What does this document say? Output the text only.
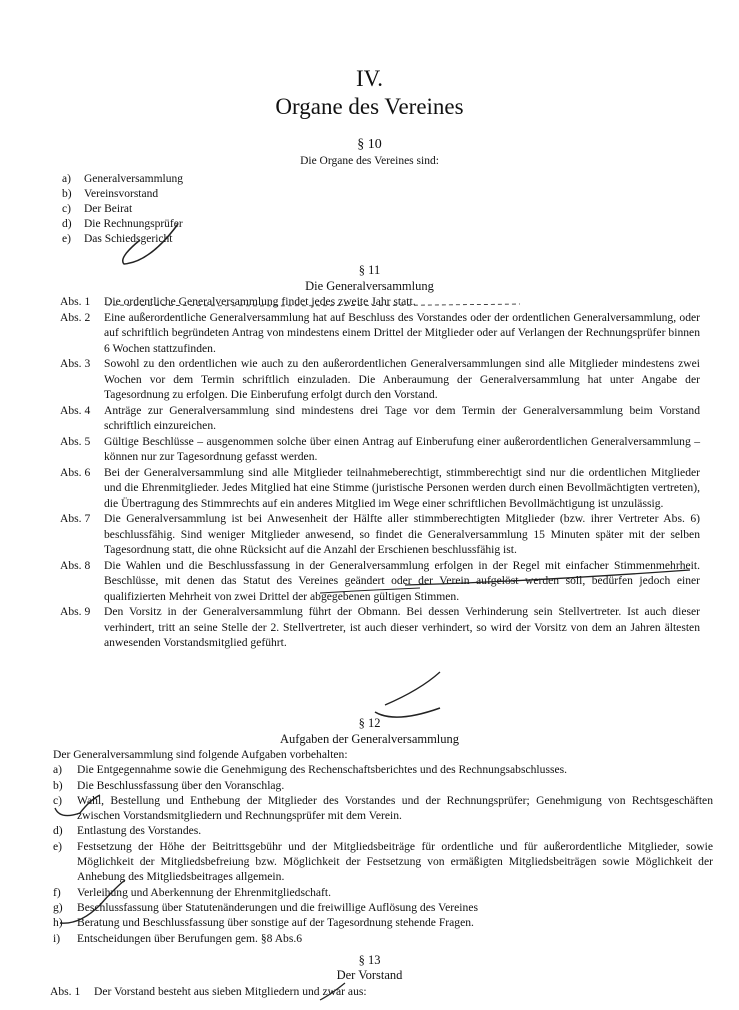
IV.
Organe des Vereines
§ 10
Die Organe des Vereines sind:
a)	Generalversammlung
b)	Vereinsvorstand
c)	Der Beirat
d)	Die Rechnungsprüfer
e)	Das Schiedsgericht
§ 11
Die Generalversammlung
Abs. 1	Die ordentliche Generalversammlung findet jedes zweite Jahr statt.
Abs. 2	Eine außerordentliche Generalversammlung hat auf Beschluss des Vorstandes oder der ordentlichen Generalversammlung, oder auf schriftlich begründeten Antrag von mindestens einem Drittel der Mitglieder oder auf Verlangen der Rechnungsprüfer binnen 6 Wochen stattzufinden.
Abs. 3	Sowohl zu den ordentlichen wie auch zu den außerordentlichen Generalversammlungen sind alle Mitglieder mindestens zwei Wochen vor dem Termin schriftlich einzuladen. Die Anberaumung der Generalversammlung hat unter Angabe der Tagesordnung zu erfolgen. Die Einberufung erfolgt durch den Vorstand.
Abs. 4	Anträge zur Generalversammlung sind mindestens drei Tage vor dem Termin der Generalversammlung beim Vorstand schriftlich einzureichen.
Abs. 5	Gültige Beschlüsse – ausgenommen solche über einen Antrag auf Einberufung einer außerordentlichen Generalversammlung – können nur zur Tagesordnung gefasst werden.
Abs. 6	Bei der Generalversammlung sind alle Mitglieder teilnahmeberechtigt, stimmberechtigt sind nur die ordentlichen Mitglieder und die Ehrenmitglieder. Jedes Mitglied hat eine Stimme (juristische Personen werden durch einen Bevollmächtigten vertreten), die Übertragung des Stimmrechts auf ein anderes Mitglied im Wege einer schriftlichen Bevollmächtigung ist unzulässig.
Abs. 7	Die Generalversammlung ist bei Anwesenheit der Hälfte aller stimmberechtigten Mitglieder (bzw. ihrer Vertreter Abs. 6) beschlussfähig. Sind weniger Mitglieder anwesend, so findet die Generalversammlung 15 Minuten später mit der selben Tagesordnung statt, die ohne Rücksicht auf die Anzahl der Erschienen beschlussfähig ist.
Abs. 8	Die Wahlen und die Beschlussfassung in der Generalversammlung erfolgen in der Regel mit einfacher Stimmenmehrheit. Beschlüsse, mit denen das Statut des Vereines geändert oder der Verein aufgelöst werden soll, bedürfen jedoch einer qualifizierten Mehrheit von zwei Drittel der abgegebenen gültigen Stimmen.
Abs. 9	Den Vorsitz in der Generalversammlung führt der Obmann. Bei dessen Verhinderung sein Stellvertreter. Ist auch dieser verhindert, tritt an seine Stelle der 2. Stellvertreter, ist auch dieser verhindert, so wird der Vorsitz von dem an Jahren ältesten anwesenden Vorstandsmitglied geführt.
§ 12
Aufgaben der Generalversammlung
Der Generalversammlung sind folgende Aufgaben vorbehalten:
a)	Die Entgegennahme sowie die Genehmigung des Rechenschaftsberichtes und des Rechnungsabschlusses.
b)	Die Beschlussfassung über den Voranschlag.
c)	Wahl, Bestellung und Enthebung der Mitglieder des Vorstandes und der Rechnungsprüfer; Genehmigung von Rechtsgeschäften zwischen Vorstandsmitgliedern und Rechnungsprüfer mit dem Verein.
d)	Entlastung des Vorstandes.
e)	Festsetzung der Höhe der Beitrittsgebühr und der Mitgliedsbeiträge für ordentliche und für außerordentliche Mitglieder, sowie Möglichkeit der Mitgliedsbefreiung bzw. Möglichkeit der Festsetzung von ermäßigten Mitgliedsbeiträgen sowie Möglichkeit der Anhebung des Mitgliedsbeitrages allgemein.
f)	Verleihung und Aberkennung der Ehrenmitgliedschaft.
g)	Beschlussfassung über Statutenänderungen und die freiwillige Auflösung des Vereines
h)	Beratung und Beschlussfassung über sonstige auf der Tagesordnung stehende Fragen.
i)	Entscheidungen über Berufungen gem. §8 Abs.6
§ 13
Der Vorstand
Abs. 1	Der Vorstand besteht aus sieben Mitgliedern und zwar aus:
